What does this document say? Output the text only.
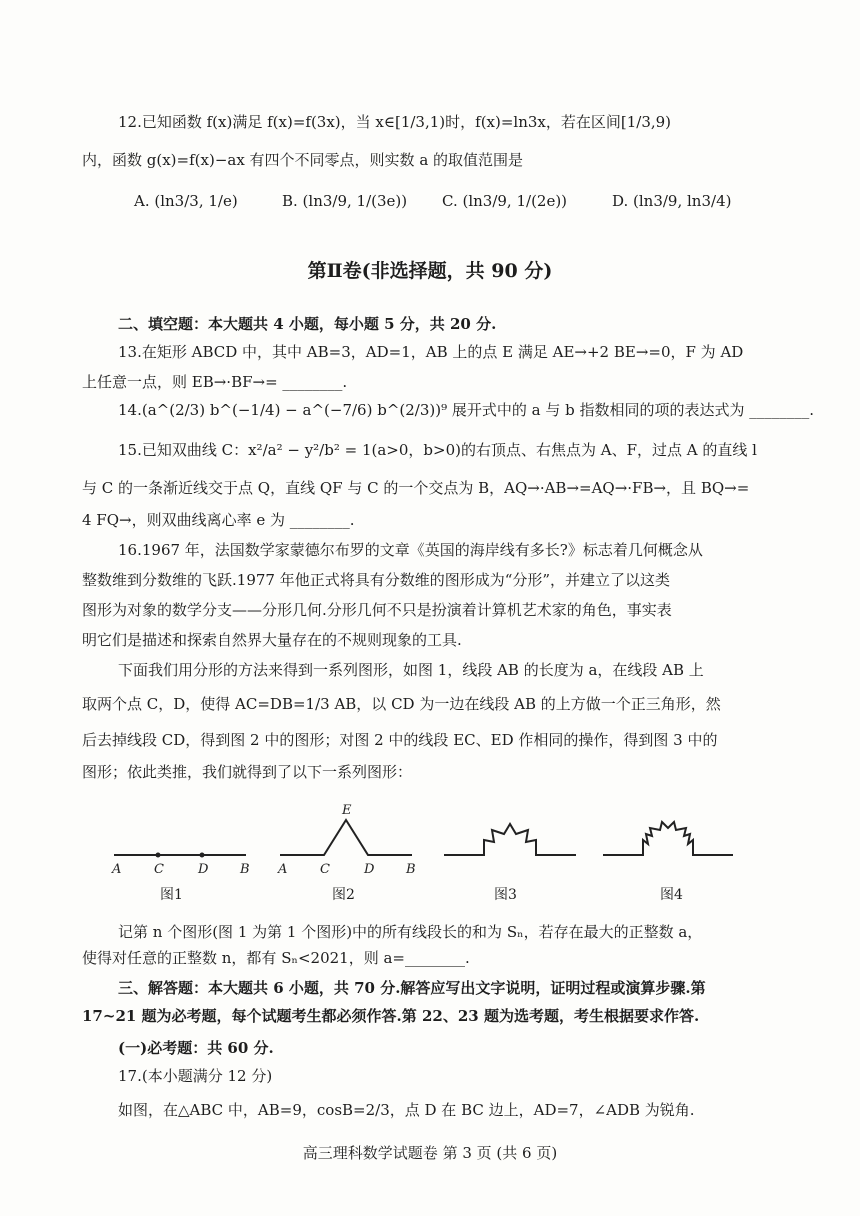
12.已知函数 f(x)满足 f(x)=f(3x)，当 x∈[1/3,1)时，f(x)=ln3x，若在区间[1/3,9)
内，函数 g(x)=f(x)−ax 有四个不同零点，则实数 a 的取值范围是
A. (ln3/3, 1/e)	B. (ln3/9, 1/(3e)) C. (ln3/9, 1/(2e))	D. (ln3/9, ln3/4)
第Ⅱ卷(非选择题，共 90 分)
二、填空题：本大题共 4 小题，每小题 5 分，共 20 分.
13.在矩形 ABCD 中，其中 AB=3，AD=1，AB 上的点 E 满足 AE→+2 BE→=0，F 为 AD
上任意一点，则 EB→·BF→= ________.
14.(a^(2/3) b^(−1/4) − a^(−7/6) b^(2/3))⁹ 展开式中的 a 与 b 指数相同的项的表达式为 ________.
15.已知双曲线 C：x²/a² − y²/b² = 1(a>0，b>0)的右顶点、右焦点为 A、F，过点 A 的直线 l
与 C 的一条渐近线交于点 Q，直线 QF 与 C 的一个交点为 B，AQ→·AB→=AQ→·FB→，且 BQ→=
4 FQ→，则双曲线离心率 e 为 ________.
16.1967 年，法国数学家蒙德尔布罗的文章《英国的海岸线有多长?》标志着几何概念从
整数维到分数维的飞跃.1977 年他正式将具有分数维的图形成为“分形”，并建立了以这类
图形为对象的数学分支——分形几何.分形几何不只是扮演着计算机艺术家的角色，事实表
明它们是描述和探索自然界大量存在的不规则现象的工具.
下面我们用分形的方法来得到一系列图形，如图 1，线段 AB 的长度为 a，在线段 AB 上
取两个点 C，D，使得 AC=DB=1/3 AB，以 CD 为一边在线段 AB 的上方做一个正三角形，然
后去掉线段 CD，得到图 2 中的图形；对图 2 中的线段 EC、ED 作相同的操作，得到图 3 中的
图形；依此类推，我们就得到了以下一系列图形：
A	C	D B A	C
E
D B
图1	图2	图3	图4
记第 n 个图形(图 1 为第 1 个图形)中的所有线段长的和为 Sₙ，若存在最大的正整数 a，
使得对任意的正整数 n，都有 Sₙ<2021，则 a=________.
三、解答题：本大题共 6 小题，共 70 分.解答应写出文字说明，证明过程或演算步骤.第
17~21 题为必考题，每个试题考生都必须作答.第 22、23 题为选考题，考生根据要求作答.
(一)必考题：共 60 分.
17.(本小题满分 12 分)
如图，在△ABC 中，AB=9，cosB=2/3，点 D 在 BC 边上，AD=7，∠ADB 为锐角.
高三理科数学试题卷 第 3 页 (共 6 页)
